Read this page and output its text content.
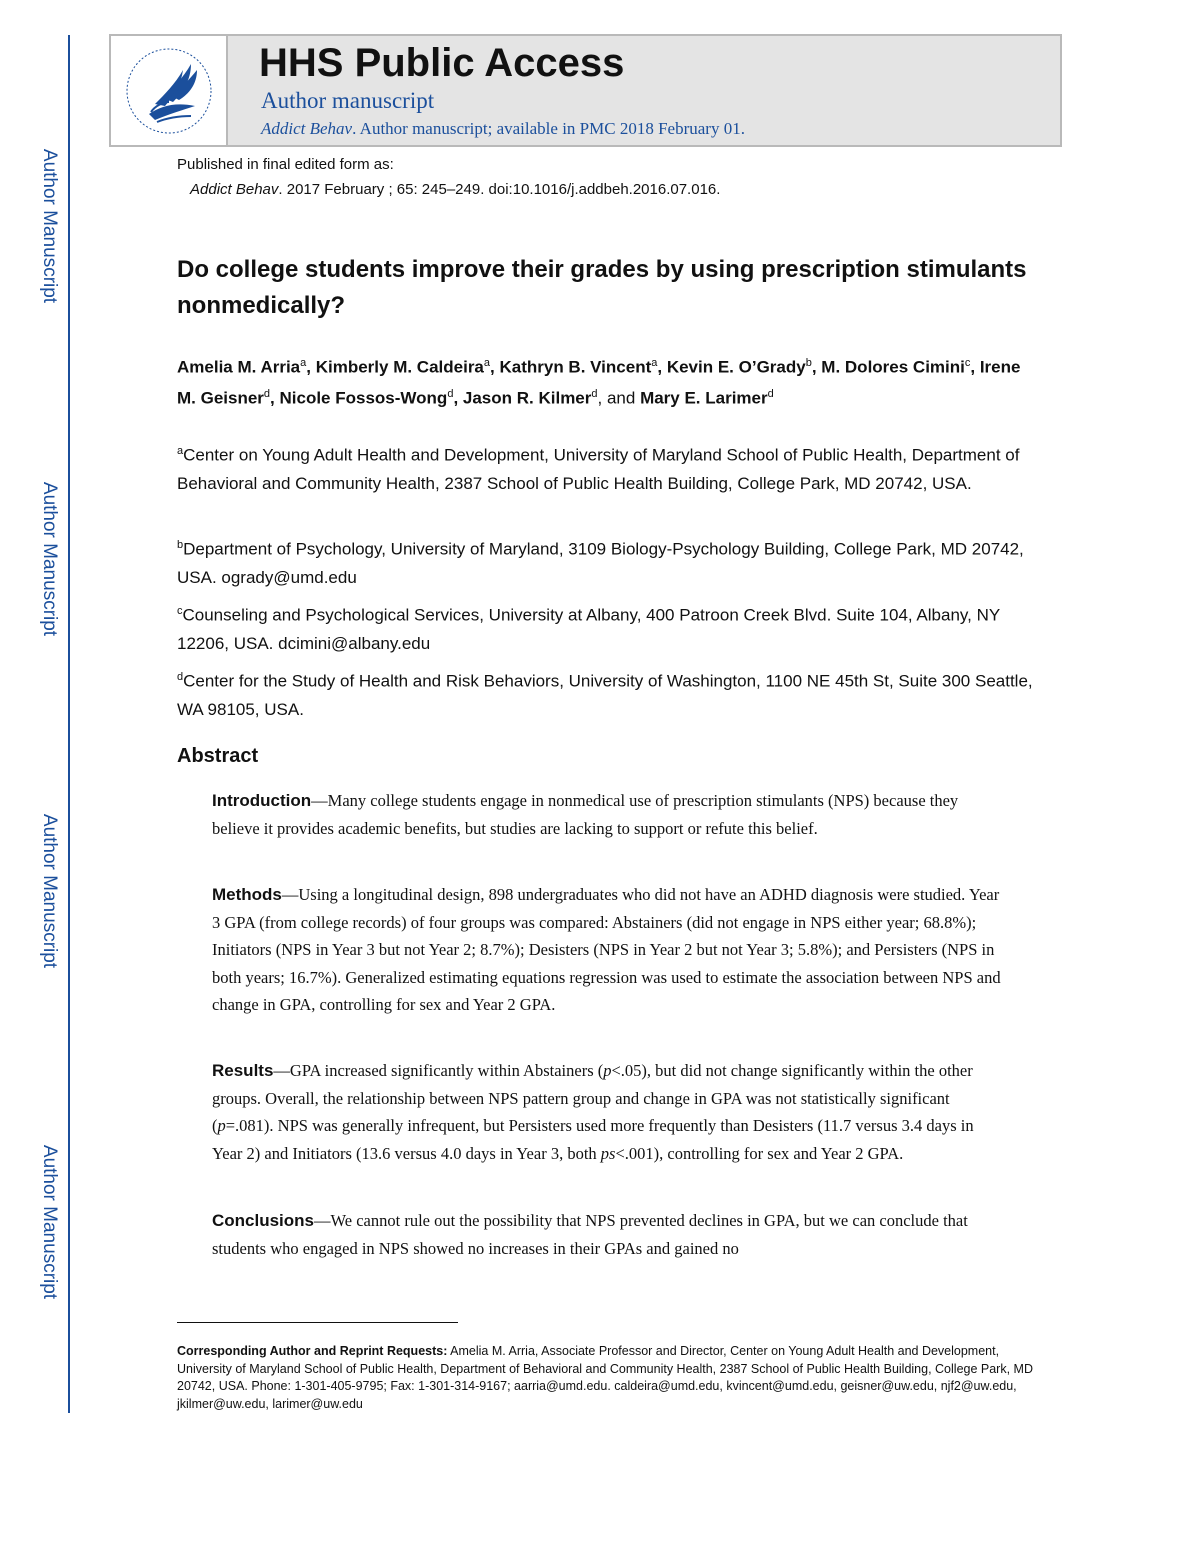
Author Manuscript
Author Manuscript
Author Manuscript
Author Manuscript
HHS Public Access
Author manuscript
Addict Behav. Author manuscript; available in PMC 2018 February 01.
Published in final edited form as:
Addict Behav. 2017 February ; 65: 245–249. doi:10.1016/j.addbeh.2016.07.016.
Do college students improve their grades by using prescription stimulants nonmedically?
Amelia M. Arria$^a$, Kimberly M. Caldeira$^a$, Kathryn B. Vincent$^a$, Kevin E. O’Grady$^b$, M. Dolores Cimini$^c$, Irene M. Geisner$^d$, Nicole Fossos-Wong$^d$, Jason R. Kilmer$^d$, and Mary E. Larimer$^d$
$^a$Center on Young Adult Health and Development, University of Maryland School of Public Health, Department of Behavioral and Community Health, 2387 School of Public Health Building, College Park, MD 20742, USA.
$^b$Department of Psychology, University of Maryland, 3109 Biology-Psychology Building, College Park, MD 20742, USA. ogrady@umd.edu
$^c$Counseling and Psychological Services, University at Albany, 400 Patroon Creek Blvd. Suite 104, Albany, NY 12206, USA. dcimini@albany.edu
$^d$Center for the Study of Health and Risk Behaviors, University of Washington, 1100 NE 45th St, Suite 300 Seattle, WA 98105, USA.
Abstract
Introduction—Many college students engage in nonmedical use of prescription stimulants (NPS) because they believe it provides academic benefits, but studies are lacking to support or refute this belief.
Methods—Using a longitudinal design, 898 undergraduates who did not have an ADHD diagnosis were studied. Year 3 GPA (from college records) of four groups was compared: Abstainers (did not engage in NPS either year; 68.8%); Initiators (NPS in Year 3 but not Year 2; 8.7%); Desisters (NPS in Year 2 but not Year 3; 5.8%); and Persisters (NPS in both years; 16.7%). Generalized estimating equations regression was used to estimate the association between NPS and change in GPA, controlling for sex and Year 2 GPA.
Results—GPA increased significantly within Abstainers (p<.05), but did not change significantly within the other groups. Overall, the relationship between NPS pattern group and change in GPA was not statistically significant (p=.081). NPS was generally infrequent, but Persisters used more frequently than Desisters (11.7 versus 3.4 days in Year 2) and Initiators (13.6 versus 4.0 days in Year 3, both ps<.001), controlling for sex and Year 2 GPA.
Conclusions—We cannot rule out the possibility that NPS prevented declines in GPA, but we can conclude that students who engaged in NPS showed no increases in their GPAs and gained no
Corresponding Author and Reprint Requests: Amelia M. Arria, Associate Professor and Director, Center on Young Adult Health and Development, University of Maryland School of Public Health, Department of Behavioral and Community Health, 2387 School of Public Health Building, College Park, MD 20742, USA. Phone: 1-301-405-9795; Fax: 1-301-314-9167; aarria@umd.edu. caldeira@umd.edu, kvincent@umd.edu, geisner@uw.edu, njf2@uw.edu, jkilmer@uw.edu, larimer@uw.edu
